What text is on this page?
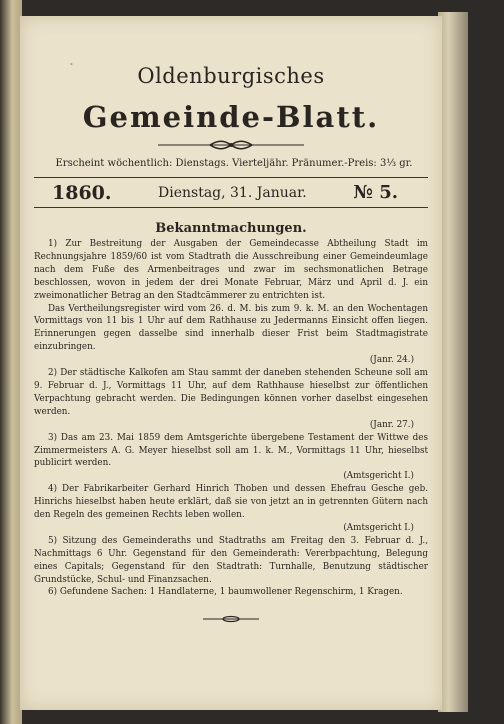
∘	Oldenburgisches
Gemeinde-Blatt.
Erscheint wöchentlich: Dienstags. Vierteljähr. Pränumer.-Preis: 3⅓ gr.
1860.	Dienstag, 31. Januar.	№ 5.
Bekanntmachungen.

1) Zur Bestreitung der Ausgaben der Gemeindecasse Abtheilung Stadt im Rechnungsjahre 1859/60 ist vom Stadtrath die Ausschreibung einer Gemeindeumlage nach dem Fuße des Armenbeitrages und zwar im sechsmonatlichen Betrage beschlossen, wovon in jedem der drei Monate Februar, März und April d. J. ein zweimonatlicher Betrag an den Stadtcämmerer zu entrichten ist.

Das Vertheilungsregister wird vom 26. d. M. bis zum 9. k. M. an den Wochentagen Vormittags von 11 bis 1 Uhr auf dem Rathhause zu Jedermanns Einsicht offen liegen. Erinnerungen gegen dasselbe sind innerhalb dieser Frist beim Stadtmagistrate einzubringen.
(Janr. 24.)

2) Der städtische Kalkofen am Stau sammt der daneben stehenden Scheune soll am 9. Februar d. J., Vormittags 11 Uhr, auf dem Rathhause hieselbst zur öffentlichen Verpachtung gebracht werden. Die Bedingungen können vorher daselbst eingesehen werden.
(Janr. 27.)

3) Das am 23. Mai 1859 dem Amtsgerichte übergebene Testament der Wittwe des Zimmermeisters A. G. Meyer hieselbst soll am 1. k. M., Vormittags 11 Uhr, hieselbst publicirt werden.
(Amtsgericht I.)

4) Der Fabrikarbeiter Gerhard Hinrich Thoben und dessen Ehefrau Gesche geb. Hinrichs hieselbst haben heute erklärt, daß sie von jetzt an in getrennten Gütern nach den Regeln des gemeinen Rechts leben wollen.
(Amtsgericht I.)

5) Sitzung des Gemeinderaths und Stadtraths am Freitag den 3. Februar d. J., Nachmittags 6 Uhr. Gegenstand für den Gemeinderath: Vererbpachtung, Belegung eines Capitals; Gegenstand für den Stadtrath: Turnhalle, Benutzung städtischer Grundstücke, Schul- und Finanzsachen.

6) Gefundene Sachen: 1 Handlaterne, 1 baumwollener Regenschirm, 1 Kragen.
